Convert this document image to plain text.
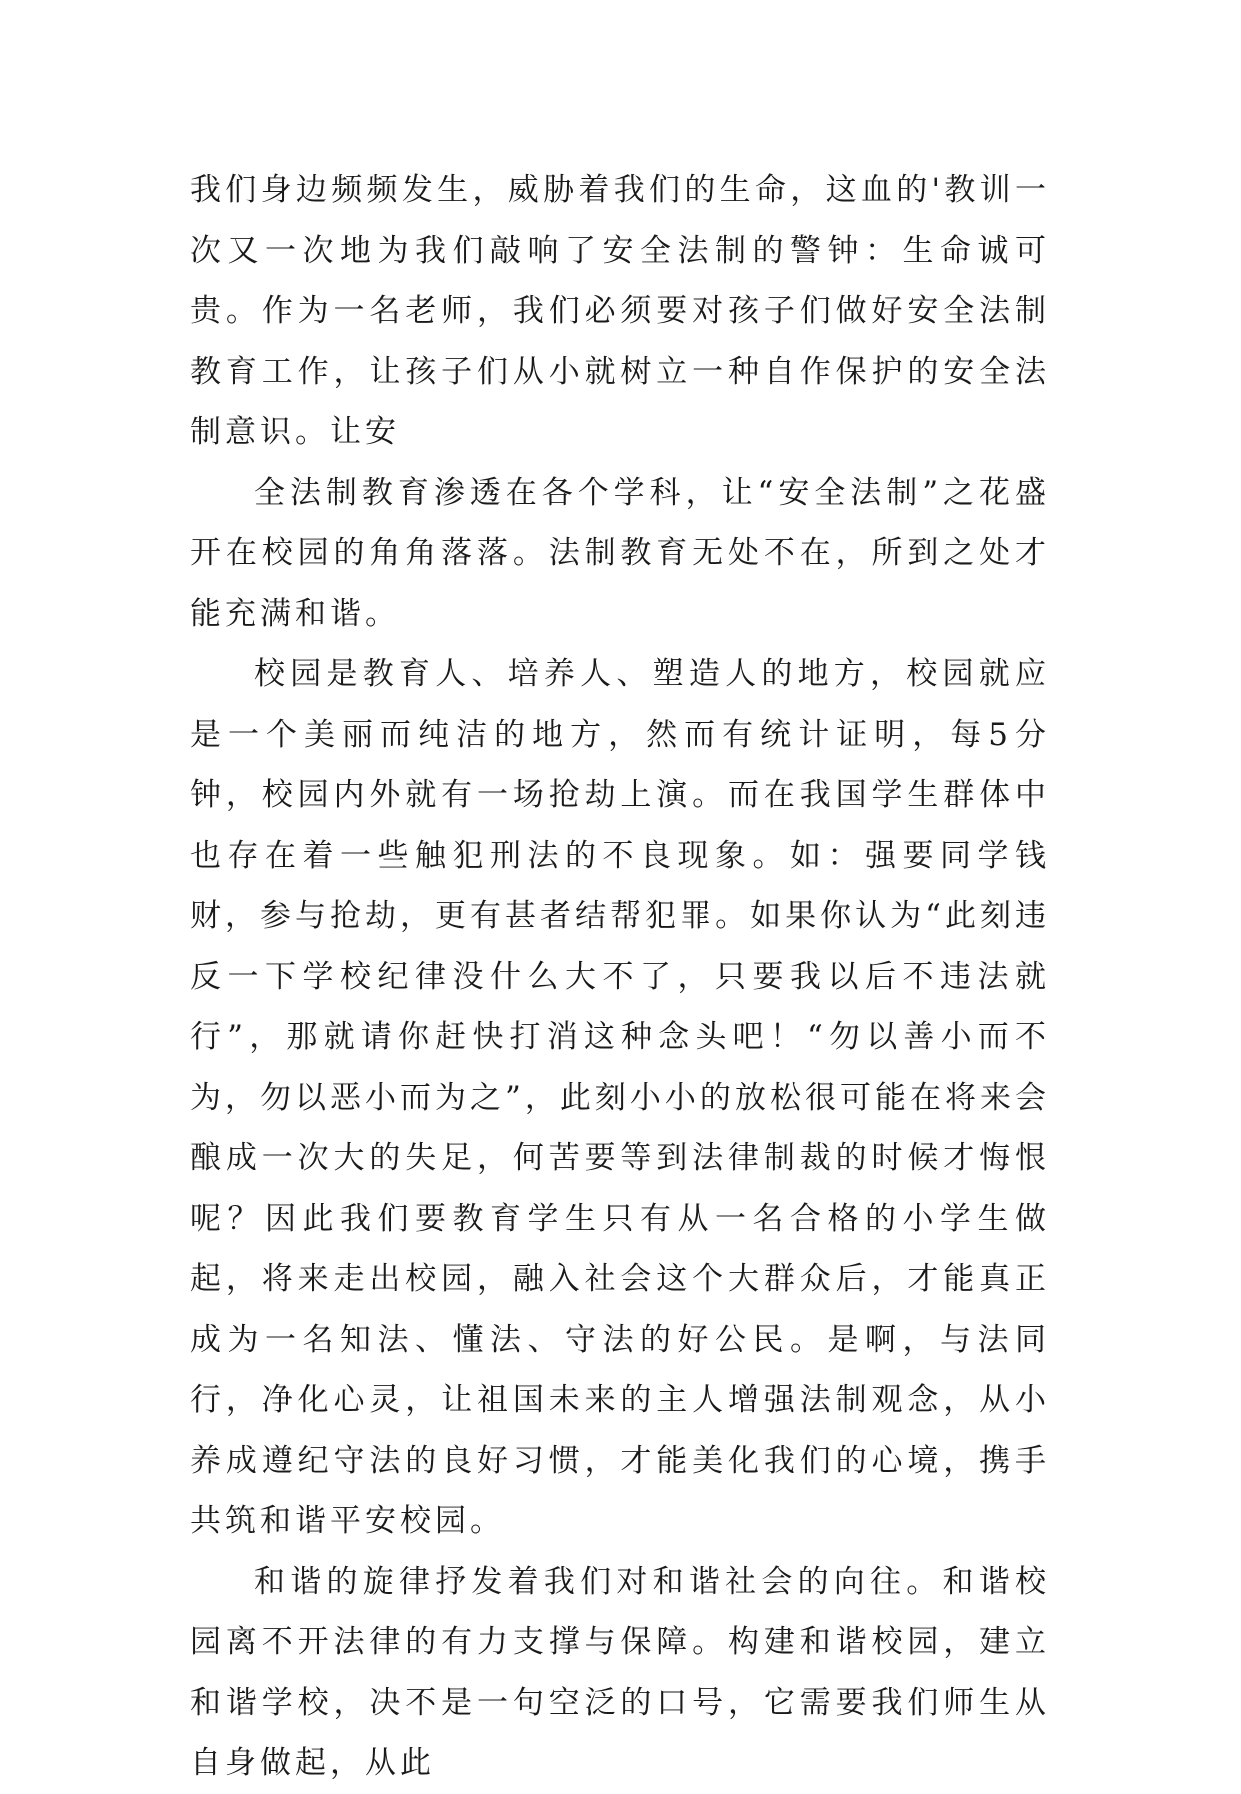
我们身边频频发生，威胁着我们的生命，这血的'教训一次又一次地为我们敲响了安全法制的警钟：生命诚可贵。作为一名老师，我们必须要对孩子们做好安全法制教育工作，让孩子们从小就树立一种自作保护的安全法制意识。让安

全法制教育渗透在各个学科，让“安全法制”之花盛开在校园的角角落落。法制教育无处不在，所到之处才能充满和谐。

校园是教育人、培养人、塑造人的地方，校园就应是一个美丽而纯洁的地方，然而有统计证明，每5分钟，校园内外就有一场抢劫上演。而在我国学生群体中也存在着一些触犯刑法的不良现象。如：强要同学钱财，参与抢劫，更有甚者结帮犯罪。如果你认为“此刻违反一下学校纪律没什么大不了，只要我以后不违法就行”，那就请你赶快打消这种念头吧！“勿以善小而不为，勿以恶小而为之”，此刻小小的放松很可能在将来会酿成一次大的失足，何苦要等到法律制裁的时候才悔恨呢？因此我们要教育学生只有从一名合格的小学生做起，将来走出校园，融入社会这个大群众后，才能真正成为一名知法、懂法、守法的好公民。是啊，与法同行，净化心灵，让祖国未来的主人增强法制观念，从小养成遵纪守法的良好习惯，才能美化我们的心境，携手共筑和谐平安校园。

和谐的旋律抒发着我们对和谐社会的向往。和谐校园离不开法律的有力支撑与保障。构建和谐校园，建立和谐学校，决不是一句空泛的口号，它需要我们师生从自身做起，从此
